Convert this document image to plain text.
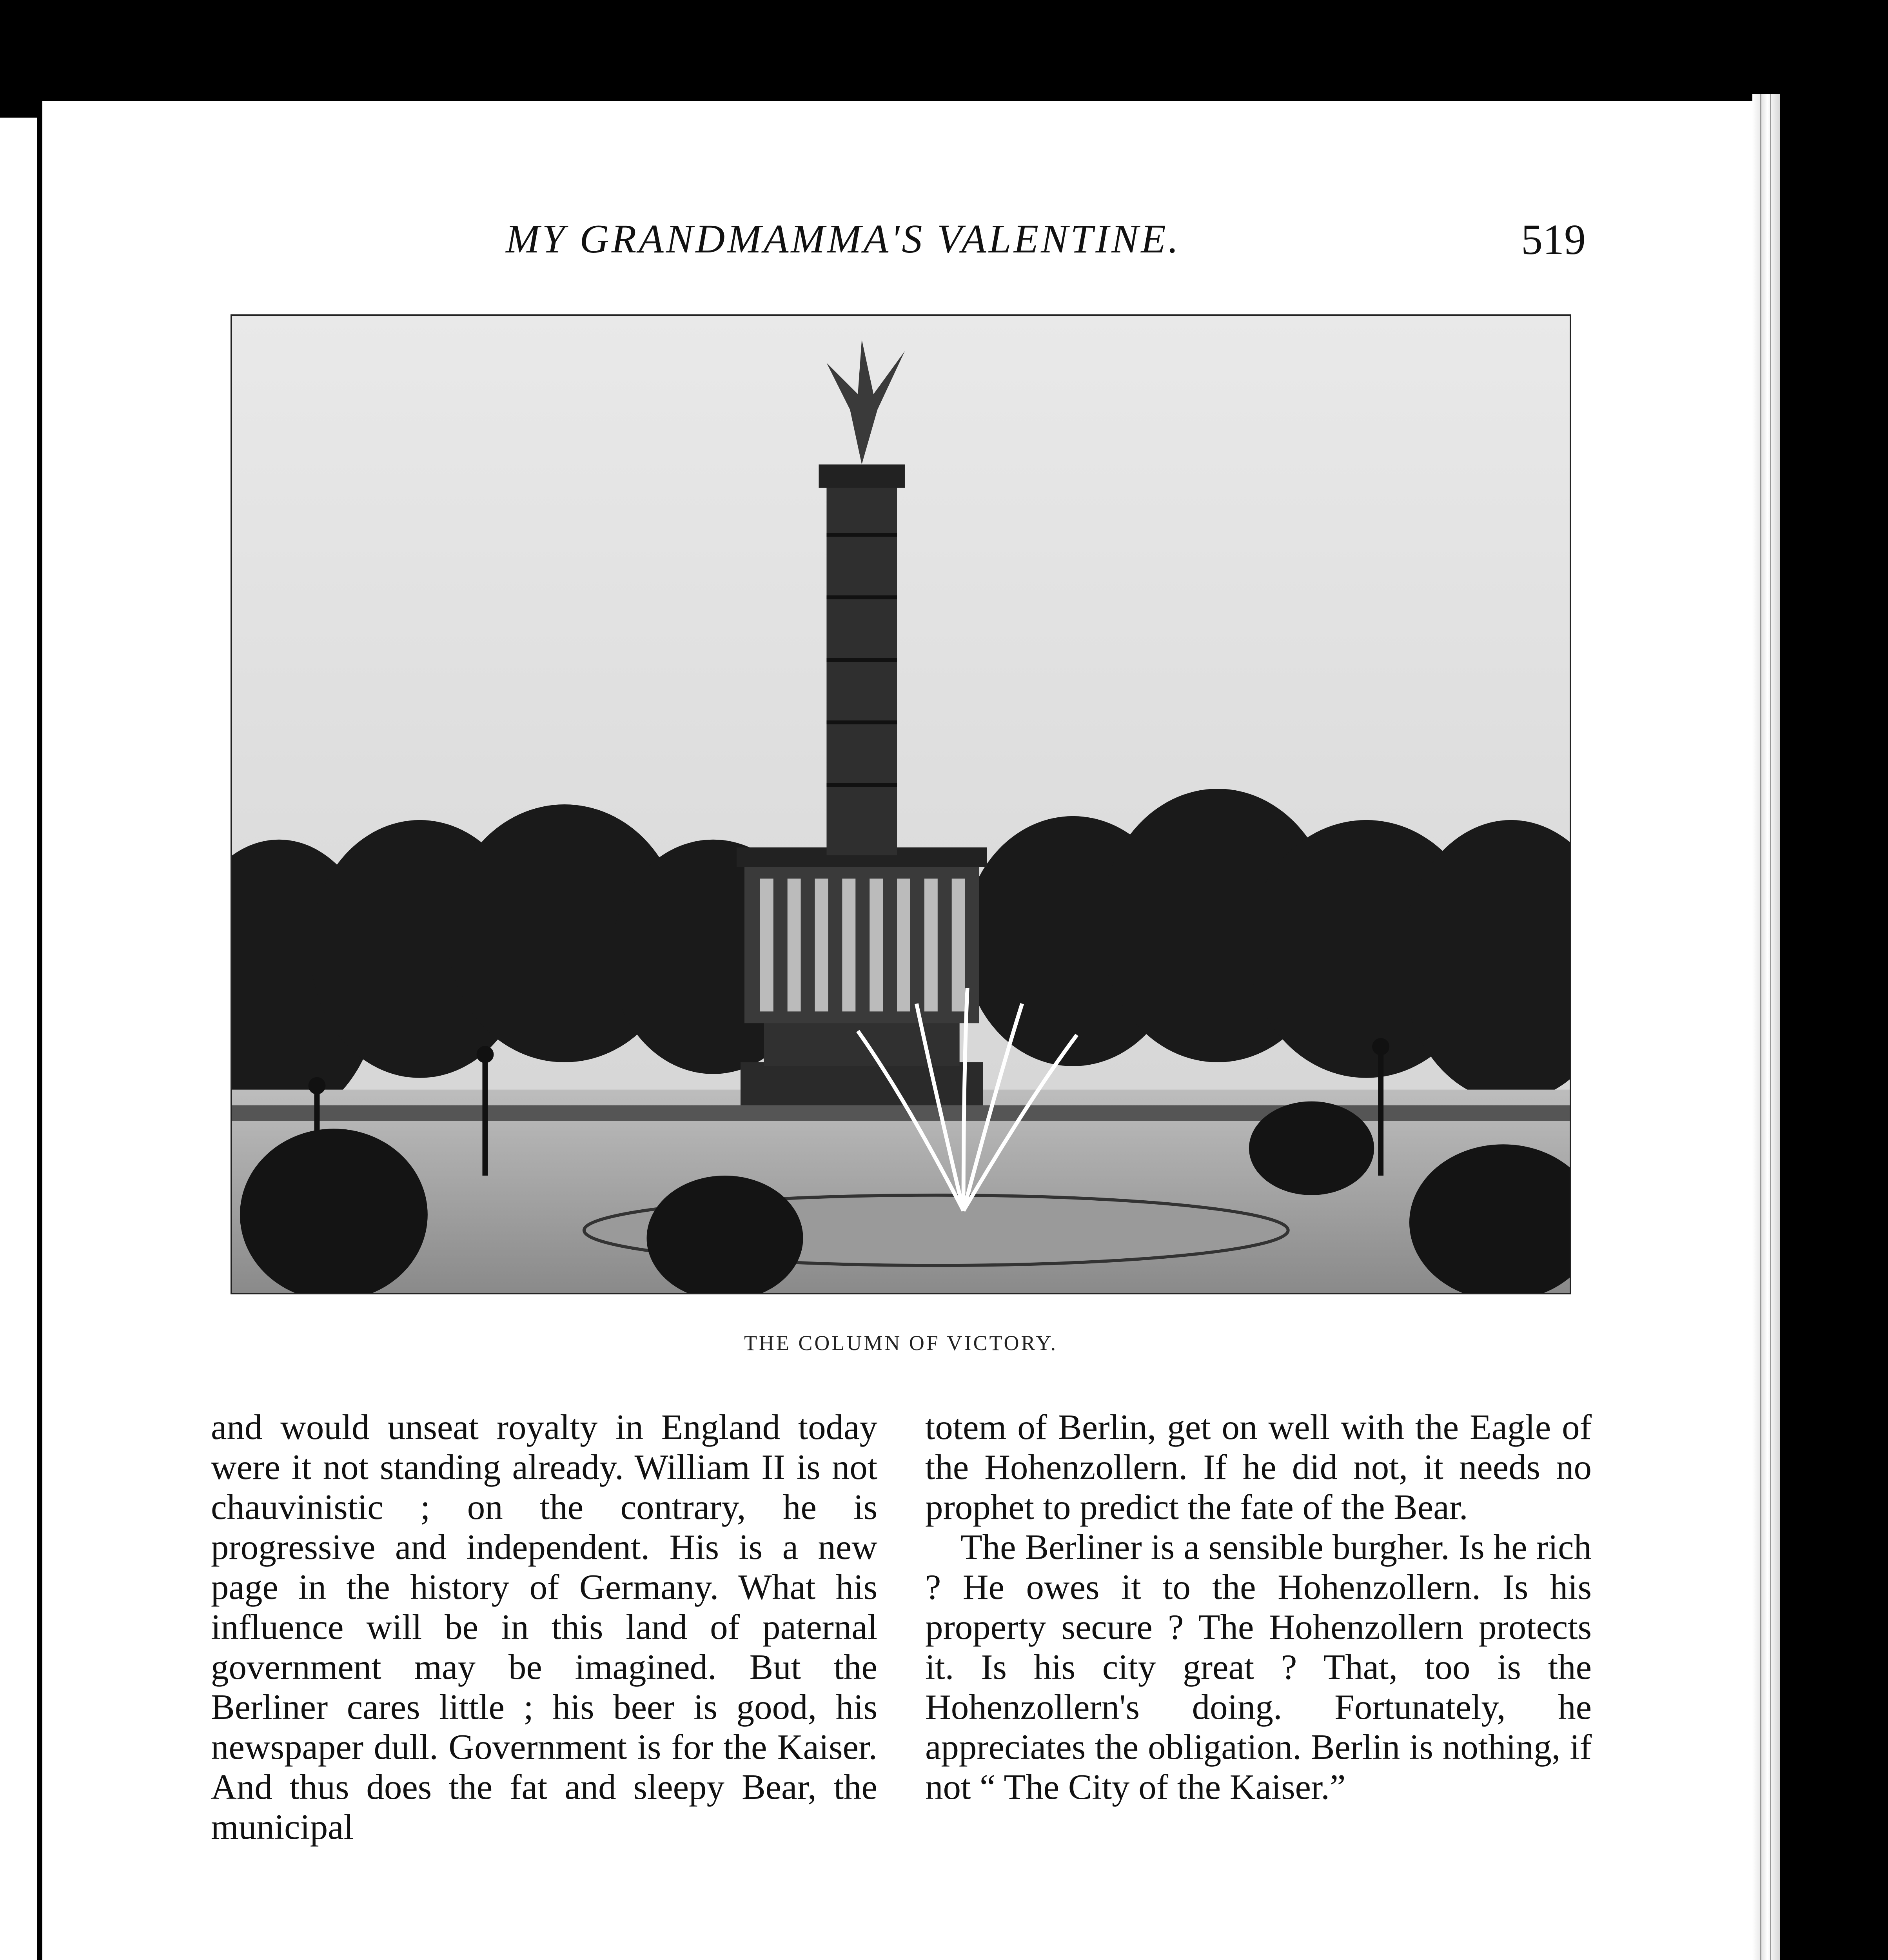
MY GRANDMAMMA'S VALENTINE.	519
THE COLUMN OF VICTORY.

and would unseat royalty in England today were it not standing already. William II is not chauvinistic ; on the contrary, he is progressive and independent. His is a new page in the history of Germany. What his influence will be in this land of paternal government may be imagined. But the Berliner cares little ; his beer is good, his newspaper dull. Government is for the Kaiser. And thus does the fat and sleepy Bear, the municipal

totem of Berlin, get on well with the Eagle of the Hohenzollern. If he did not, it needs no prophet to predict the fate of the Bear.

The Berliner is a sensible burgher. Is he rich ? He owes it to the Hohenzollern. Is his property secure ? The Hohenzollern protects it. Is his city great ? That, too is the Hohenzollern's doing. Fortunately, he appreciates the obligation. Berlin is nothing, if not “ The City of the Kaiser.”
